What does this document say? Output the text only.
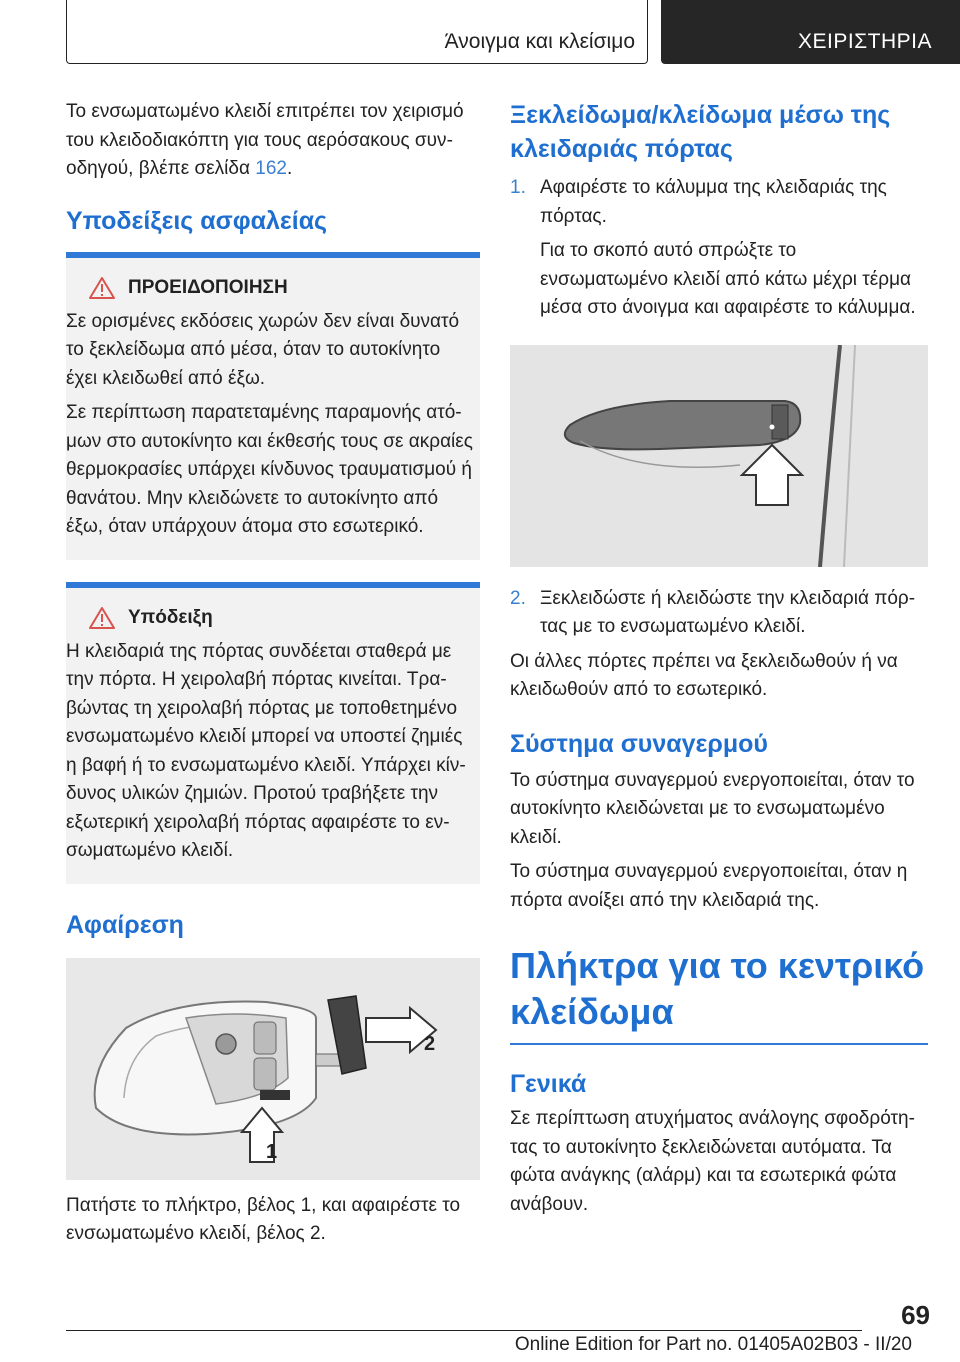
Άνοιγμα και κλείσιμο	ΧΕΙΡΙΣΤΗΡΙΑ

Το ενσωματωμένο κλειδί επιτρέπει τον χειρισμό του κλειδοδιακόπτη για τους αερόσακους συνοδηγού, βλέπε σελίδα 162.

Υποδείξεις ασφαλείας
ΠΡΟΕΙΔΟΠΟΙΗΣΗ

Σε ορισμένες εκδόσεις χωρών δεν είναι δυνατό το ξεκλείδωμα από μέσα, όταν το αυτοκίνητο έχει κλειδωθεί από έξω.

Σε περίπτωση παρατεταμένης παραμονής ατόμων στο αυτοκίνητο και έκθεσής τους σε ακραίες θερμοκρασίες υπάρχει κίνδυνος τραυματισμού ή θανάτου. Μην κλειδώνετε το αυτοκίνητο από έξω, όταν υπάρχουν άτομα στο εσωτερικό.

Υπόδειξη

Η κλειδαριά της πόρτας συνδέεται σταθερά με την πόρτα. Η χειρολαβή πόρτας κινείται. Τραβώντας τη χειρολαβή πόρτας με τοποθετημένο ενσωματωμένο κλειδί μπορεί να υποστεί ζημιές η βαφή ή το ενσωματωμένο κλειδί. Υπάρχει κίνδυνος υλικών ζημιών. Προτού τραβήξετε την εξωτερική χειρολαβή πόρτας αφαιρέστε το ενσωματωμένο κλειδί.

Αφαίρεση
2
1

Πατήστε το πλήκτρο, βέλος 1, και αφαιρέστε το ενσωματωμένο κλειδί, βέλος 2.

Ξεκλείδωμα/κλείδωμα μέσω της κλειδαριάς πόρτας
1. Αφαιρέστε το κάλυμμα της κλειδαριάς της πόρτας.

Για το σκοπό αυτό σπρώξτε το ενσωματωμένο κλειδί από κάτω μέχρι τέρμα μέσα στο άνοιγμα και αφαιρέστε το κάλυμμα.

2. Ξεκλειδώστε ή κλειδώστε την κλειδαριά πόρτας με το ενσωματωμένο κλειδί.

Οι άλλες πόρτες πρέπει να ξεκλειδωθούν ή να κλειδωθούν από το εσωτερικό.

Σύστημα συναγερμού

Το σύστημα συναγερμού ενεργοποιείται, όταν το αυτοκίνητο κλειδώνεται με το ενσωματωμένο κλειδί.

Το σύστημα συναγερμού ενεργοποιείται, όταν η πόρτα ανοίξει από την κλειδαριά της.

Πλήκτρα για το κεντρικό κλείδωμα
Γενικά

Σε περίπτωση ατυχήματος ανάλογης σφοδρότητας το αυτοκίνητο ξεκλειδώνεται αυτόματα. Τα φώτα ανάγκης (αλάρμ) και τα εσωτερικά φώτα ανάβουν.

69
Online Edition for Part no. 01405A02B03 - II/20
